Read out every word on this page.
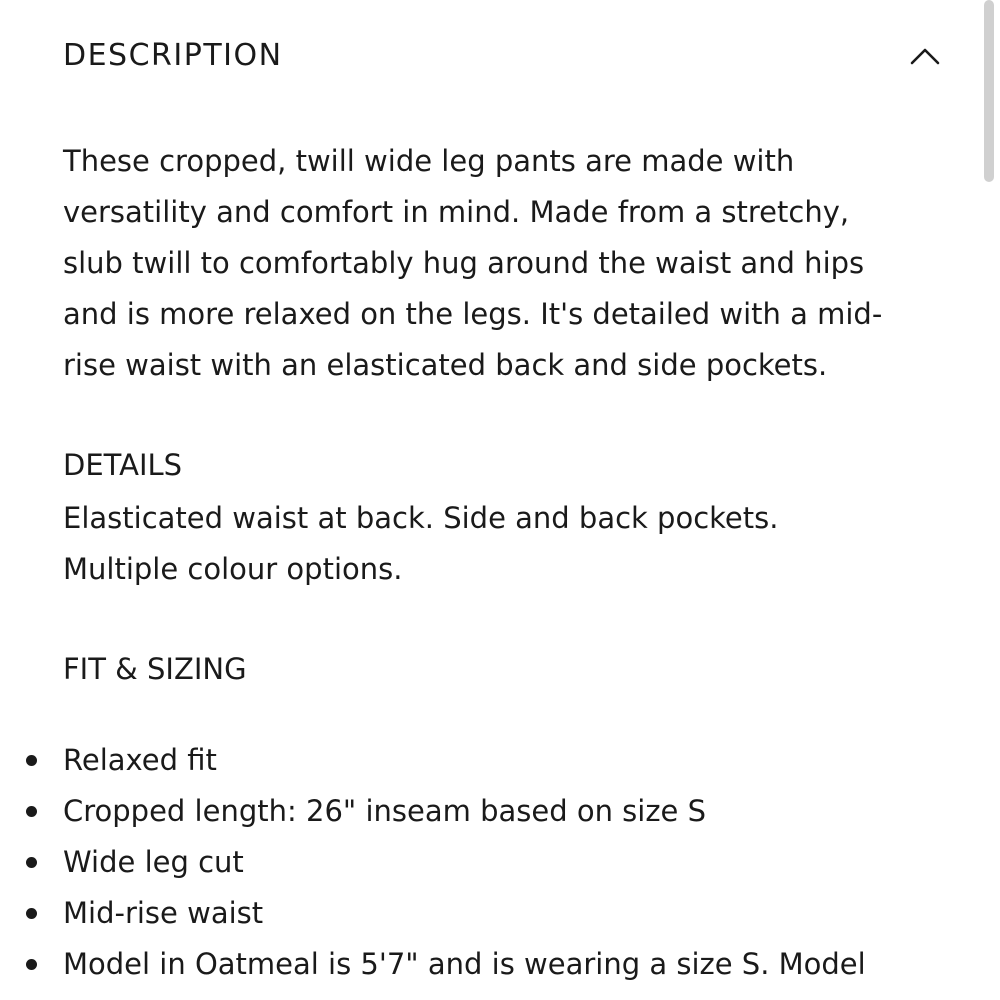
DESCRIPTION

These cropped, twill wide leg pants are made with
versatility and comfort in mind. Made from a stretchy,
slub twill to comfortably hug around the waist and hips
and is more relaxed on the legs. It's detailed with a mid-
rise waist with an elasticated back and side pockets.

DETAILS

Elasticated waist at back. Side and back pockets.
Multiple colour options.

FIT & SIZING
Relaxed fit
Cropped length: 26" inseam based on size S
Wide leg cut
Mid-rise waist
Model in Oatmeal is 5'7" and is wearing a size S. Model
